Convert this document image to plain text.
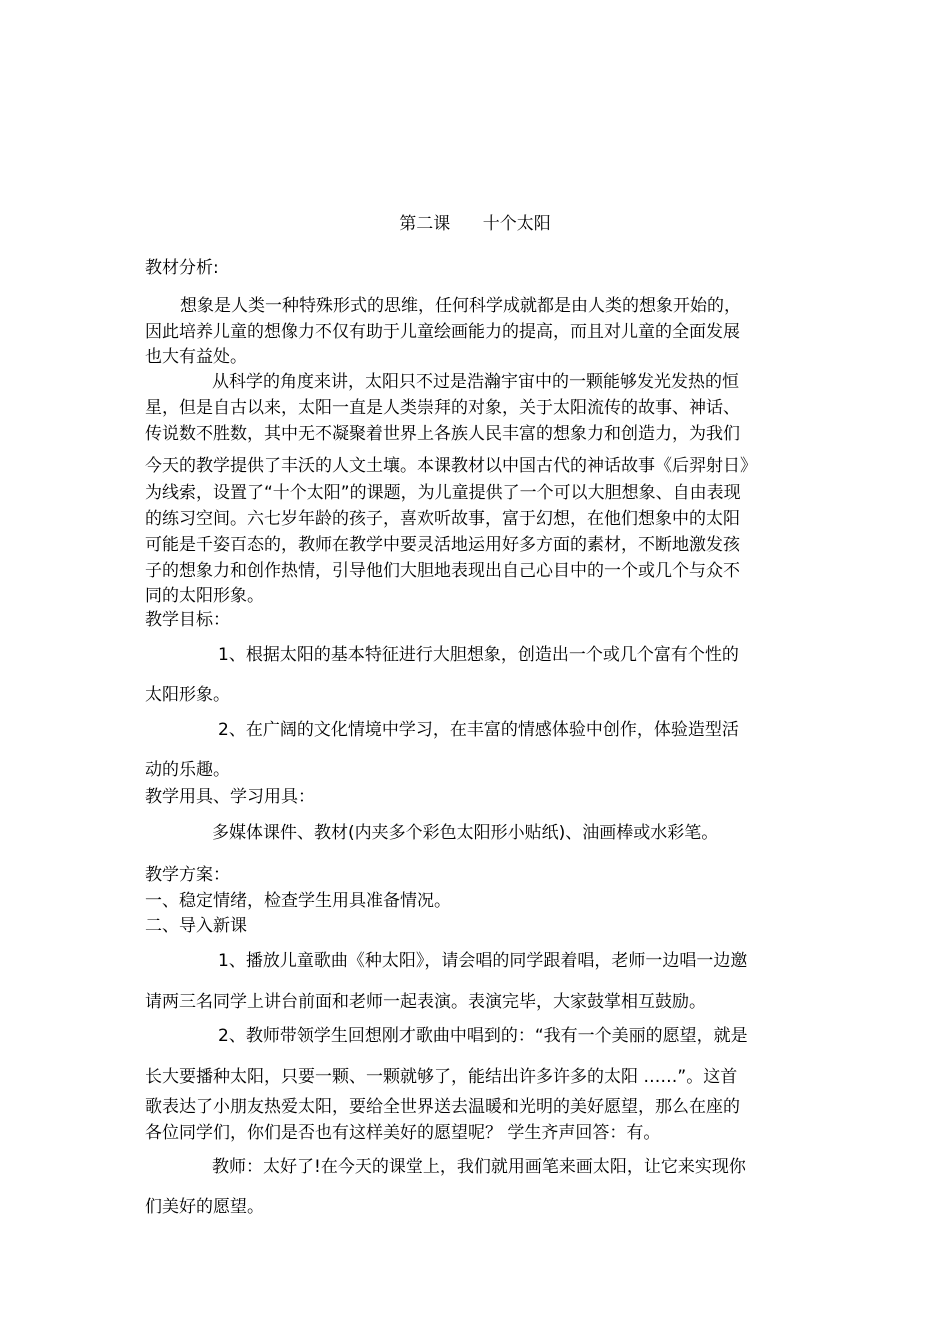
第二课      十个太阳
教材分析:
想象是人类一种特殊形式的思维，任何科学成就都是由人类的想象开始的，
因此培养儿童的想像力不仅有助于儿童绘画能力的提高，而且对儿童的全面发展
也大有益处。
从科学的角度来讲，太阳只不过是浩瀚宇宙中的一颗能够发光发热的恒
星，但是自古以来，太阳一直是人类崇拜的对象，关于太阳流传的故事、神话、
传说数不胜数，其中无不凝聚着世界上各族人民丰富的想象力和创造力，为我们
今天的教学提供了丰沃的人文土壤。本课教材以中国古代的神话故事《后羿射日》
为线索，设置了“十个太阳”的课题，为儿童提供了一个可以大胆想象、自由表现
的练习空间。六七岁年龄的孩子，喜欢听故事，富于幻想，在他们想象中的太阳
可能是千姿百态的，教师在教学中要灵活地运用好多方面的素材，不断地激发孩
子的想象力和创作热情，引导他们大胆地表现出自己心目中的一个或几个与众不
同的太阳形象。
教学目标：
1、根据太阳的基本特征进行大胆想象，创造出一个或几个富有个性的
太阳形象。
2、在广阔的文化情境中学习，在丰富的情感体验中创作，体验造型活
动的乐趣。
教学用具、学习用具：
多媒体课件、教材(内夹多个彩色太阳形小贴纸)、油画棒或水彩笔。
教学方案：
一、稳定情绪，检查学生用具准备情况。
二、导入新课
1、播放儿童歌曲《种太阳》，请会唱的同学跟着唱，老师一边唱一边邀
请两三名同学上讲台前面和老师一起表演。表演完毕，大家鼓掌相互鼓励。
2、教师带领学生回想刚才歌曲中唱到的：“我有一个美丽的愿望，就是
长大要播种太阳，只要一颗、一颗就够了，能结出许多许多的太阳 ……”。这首
歌表达了小朋友热爱太阳，要给全世界送去温暖和光明的美好愿望，那么在座的
各位同学们，你们是否也有这样美好的愿望呢？ 学生齐声回答：有。
教师：太好了!在今天的课堂上，我们就用画笔来画太阳，让它来实现你
们美好的愿望。
